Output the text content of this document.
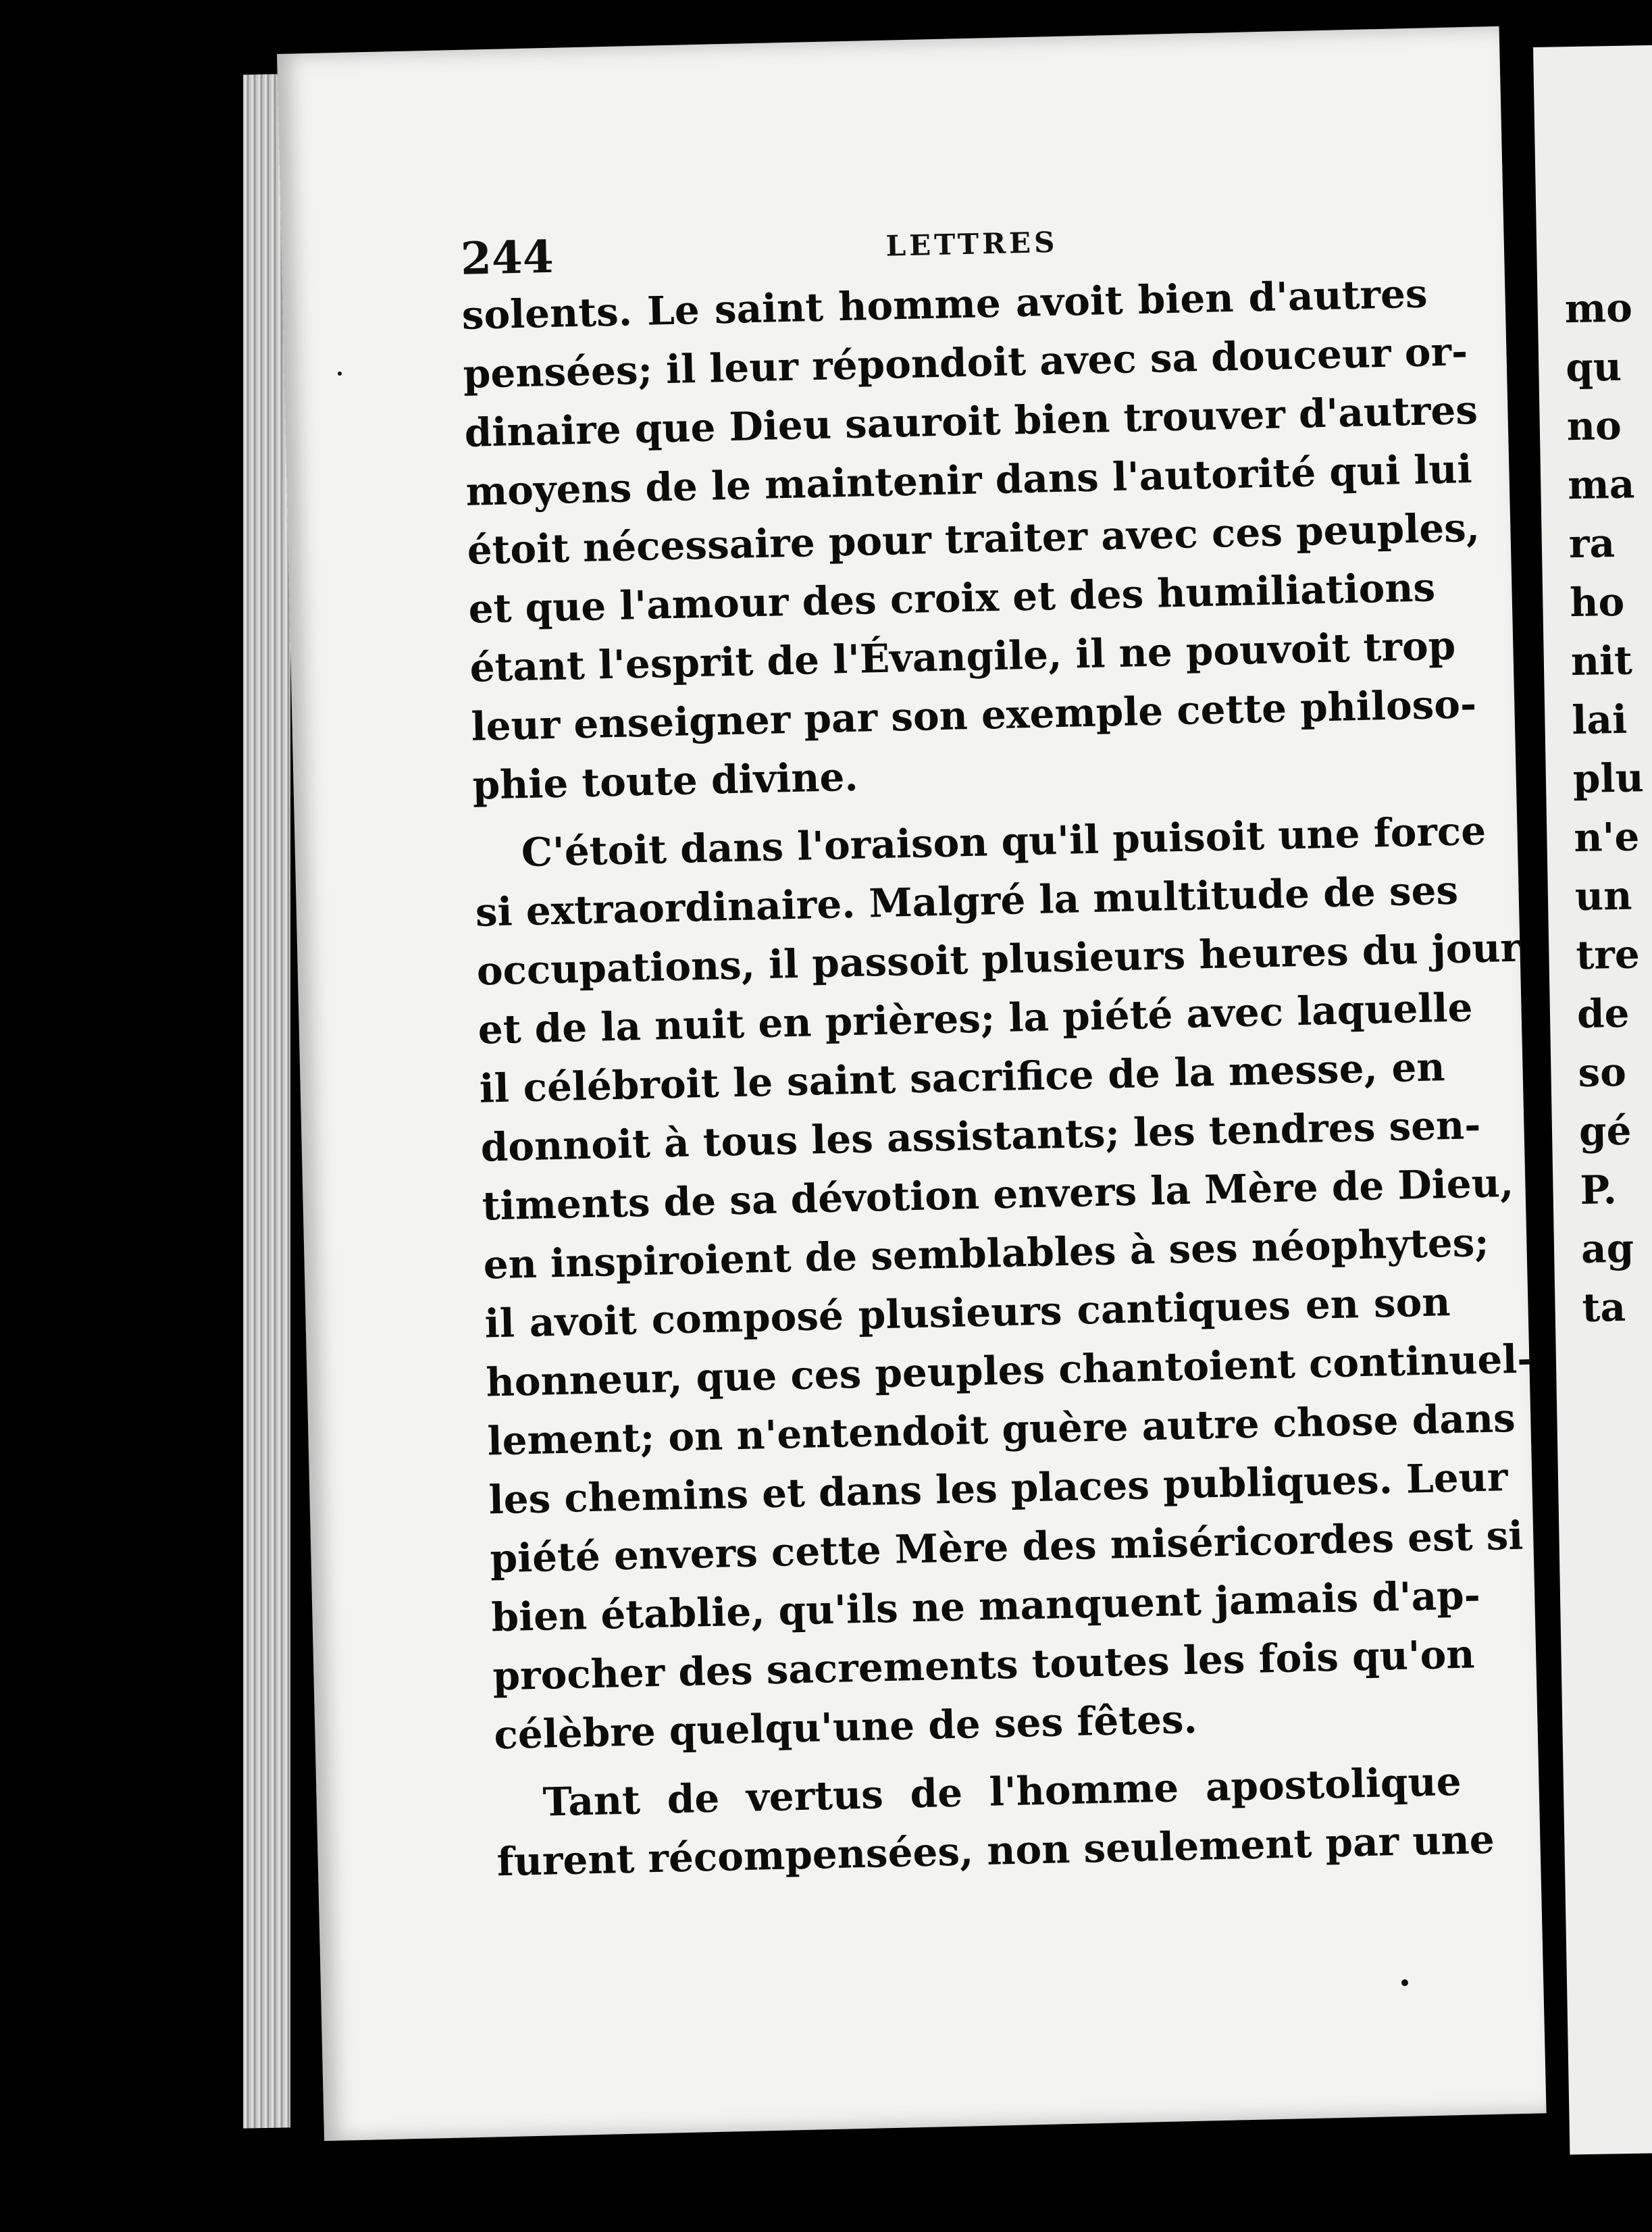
244	LETTRES
solents. Le saint homme avoit bien d'autres
pensées; il leur répondoit avec sa douceur or-
dinaire que Dieu sauroit bien trouver d'autres
moyens de le maintenir dans l'autorité qui lui
étoit nécessaire pour traiter avec ces peuples,
et que l'amour des croix et des humiliations
étant l'esprit de l'Évangile, il ne pouvoit trop
leur enseigner par son exemple cette philoso-
phie toute divine.
C'étoit dans l'oraison qu'il puisoit une force
si extraordinaire. Malgré la multitude de ses
occupations, il passoit plusieurs heures du jour
et de la nuit en prières; la piété avec laquelle
il célébroit le saint sacrifice de la messe, en
donnoit à tous les assistants; les tendres sen-
timents de sa dévotion envers la Mère de Dieu,
en inspiroient de semblables à ses néophytes;
il avoit composé plusieurs cantiques en son
honneur, que ces peuples chantoient continuel-
lement; on n'entendoit guère autre chose dans
les chemins et dans les places publiques. Leur
piété envers cette Mère des miséricordes est si
bien établie, qu'ils ne manquent jamais d'ap-
procher des sacrements toutes les fois qu'on
célèbre quelqu'une de ses fêtes.
Tant de vertus de l'homme apostolique
furent récompensées, non seulement par une
mo
qu
no
ma
ra
ho
nit
lai
plu
n'e
un
tre
de
so
gé
P.
ag
ta
